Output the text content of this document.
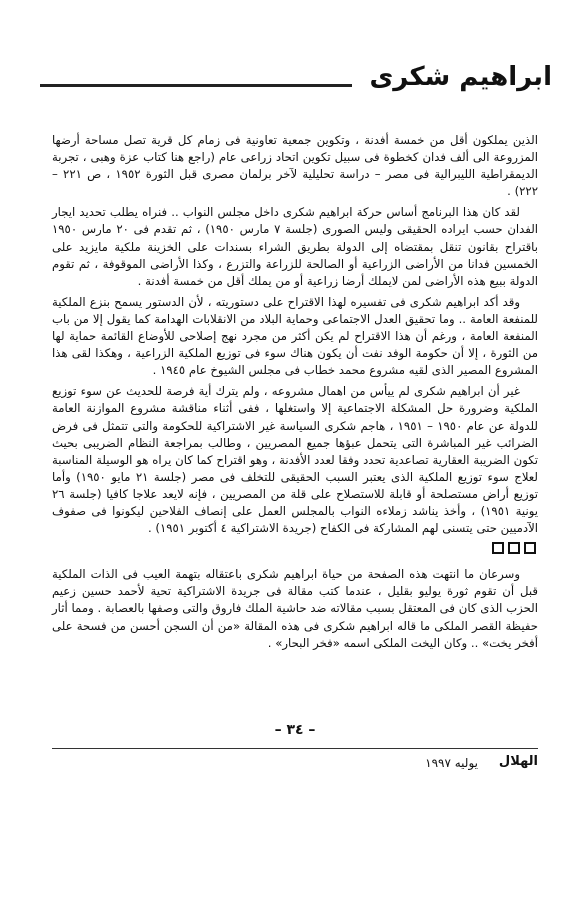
ابراهيم شكرى

الذين يملكون أقل من خمسة أفدنة ، وتكوين جمعية تعاونية فى زمام كل قرية تصل مساحة أرضها المزروعة الى ألف فدان كخطوة فى سبيل تكوين اتحاد زراعى عام (راجع هنا كتاب عزة وهبى ، تجربة الديمقراطية الليبرالية فى مصر – دراسة تحليلية لآخر برلمان مصرى قبل الثورة ١٩٥٢ ، ص ٢٢١ – ٢٢٢) .

لقد كان هذا البرنامج أساس حركة ابراهيم شكرى داخل مجلس النواب .. فنراه يطلب تحديد ايجار الفدان حسب ايراده الحقيقى وليس الصورى (جلسة ٧ مارس ١٩٥٠) ، ثم تقدم فى ٢٠ مارس ١٩٥٠ باقتراح بقانون تنقل بمقتضاه إلى الدولة بطريق الشراء بسندات على الخزينة ملكية مايزيد على الخمسين فدانا من الأراضى الزراعية أو الصالحة للزراعة والتزرع ، وكذا الأراضى الموقوفة ، ثم تقوم الدولة ببيع هذه الأراضى لمن لايملك أرضا زراعية أو من يملك أقل من خمسة أفدنة .

وقد أكد ابراهيم شكرى فى تفسيره لهذا الاقتراح على دستوريته ، لأن الدستور يسمح بنزع الملكية للمنفعة العامة .. وما تحقيق العدل الاجتماعى وحماية البلاد من الانقلابات الهدامة كما يقول إلا من باب المنفعة العامة ، ورغم أن هذا الاقتراح لم يكن أكثر من مجرد نهج إصلاحى للأوضاع القائمة حماية لها من الثورة ، إلا أن حكومة الوفد نفت أن يكون هناك سوء فى توزيع الملكية الزراعية ، وهكذا لقى هذا المشروع المصير الذى لقيه مشروع محمد خطاب فى مجلس الشيوخ عام ١٩٤٥ .

غير أن ابراهيم شكرى لم ييأس من اهمال مشروعه ، ولم يترك أية فرصة للحديث عن سوء توزيع الملكية وضرورة حل المشكلة الاجتماعية إلا واستغلها ، ففى أثناء مناقشة مشروع الموازنة العامة للدولة عن عام ١٩٥٠ – ١٩٥١ ، هاجم شكرى السياسة غير الاشتراكية للحكومة والتى تتمثل فى فرض الضرائب غير المباشرة التى يتحمل عبؤها جميع المصريين ، وطالب بمراجعة النظام الضريبى بحيث تكون الضريبة العقارية تصاعدية تحدد وفقا لعدد الأفدنة ، وهو اقتراح كما كان يراه هو الوسيلة المناسبة لعلاج سوء توزيع الملكية الذى يعتبر السبب الحقيقى للتخلف فى مصر (جلسة ٢١ مايو ١٩٥٠) وأما توزيع أراض مستصلحة أو قابلة للاستصلاح على قلة من المصريين ، فإنه لايعد علاجا كافيا (جلسة ٢٦ يونية ١٩٥١) ، وأخذ يناشد زملاءه النواب بالمجلس العمل على إنصاف الفلاحين ليكونوا فى صفوف الآدميين حتى يتسنى لهم المشاركة فى الكفاح (جريدة الاشتراكية ٤ أكتوبر ١٩٥١) .

وسرعان ما انتهت هذه الصفحة من حياة ابراهيم شكرى باعتقاله بتهمة العيب فى الذات الملكية قبل أن تقوم ثورة يوليو بقليل ، عندما كتب مقالة فى جريدة الاشتراكية تحية لأحمد حسين زعيم الحزب الذى كان فى المعتقل بسبب مقالاته ضد حاشية الملك فاروق والتى وصفها بالعصابة . ومما أثار حفيظة القصر الملكى ما قاله ابراهيم شكرى فى هذه المقالة «من أن السجن أحسن من فسحة على أفخر يخت» .. وكان اليخت الملكى اسمه «فخر البحار» .

– ٣٤ –
الهلال
يوليه ١٩٩٧
